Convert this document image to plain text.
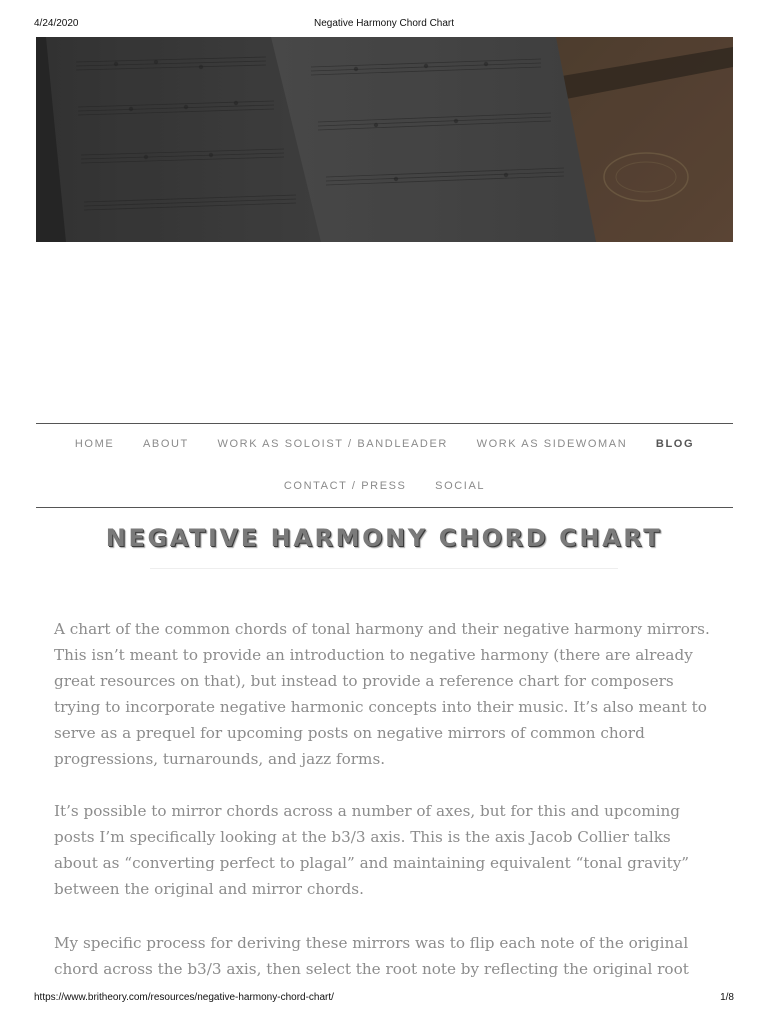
4/24/2020	Negative Harmony Chord Chart
HOME	ABOUT	WORK AS SOLOIST / BANDLEADER	WORK AS SIDEWOMAN	BLOG
CONTACT / PRESS	SOCIAL
NEGATIVE HARMONY CHORD CHART

A chart of the common chords of tonal harmony and their negative harmony mirrors. This isn’t meant to provide an introduction to negative harmony (there are already great resources on that), but instead to provide a reference chart for composers trying to incorporate negative harmonic concepts into their music. It’s also meant to serve as a prequel for upcoming posts on negative mirrors of common chord progressions, turnarounds, and jazz forms.

It’s possible to mirror chords across a number of axes, but for this and upcoming posts I’m specifically looking at the b3/3 axis. This is the axis Jacob Collier talks about as “converting perfect to plagal” and maintaining equivalent “tonal gravity” between the original and mirror chords.

My specific process for deriving these mirrors was to flip each note of the original chord across the b3/3 axis, then select the root note by reflecting the original root

https://www.britheory.com/resources/negative-harmony-chord-chart/	1/8
